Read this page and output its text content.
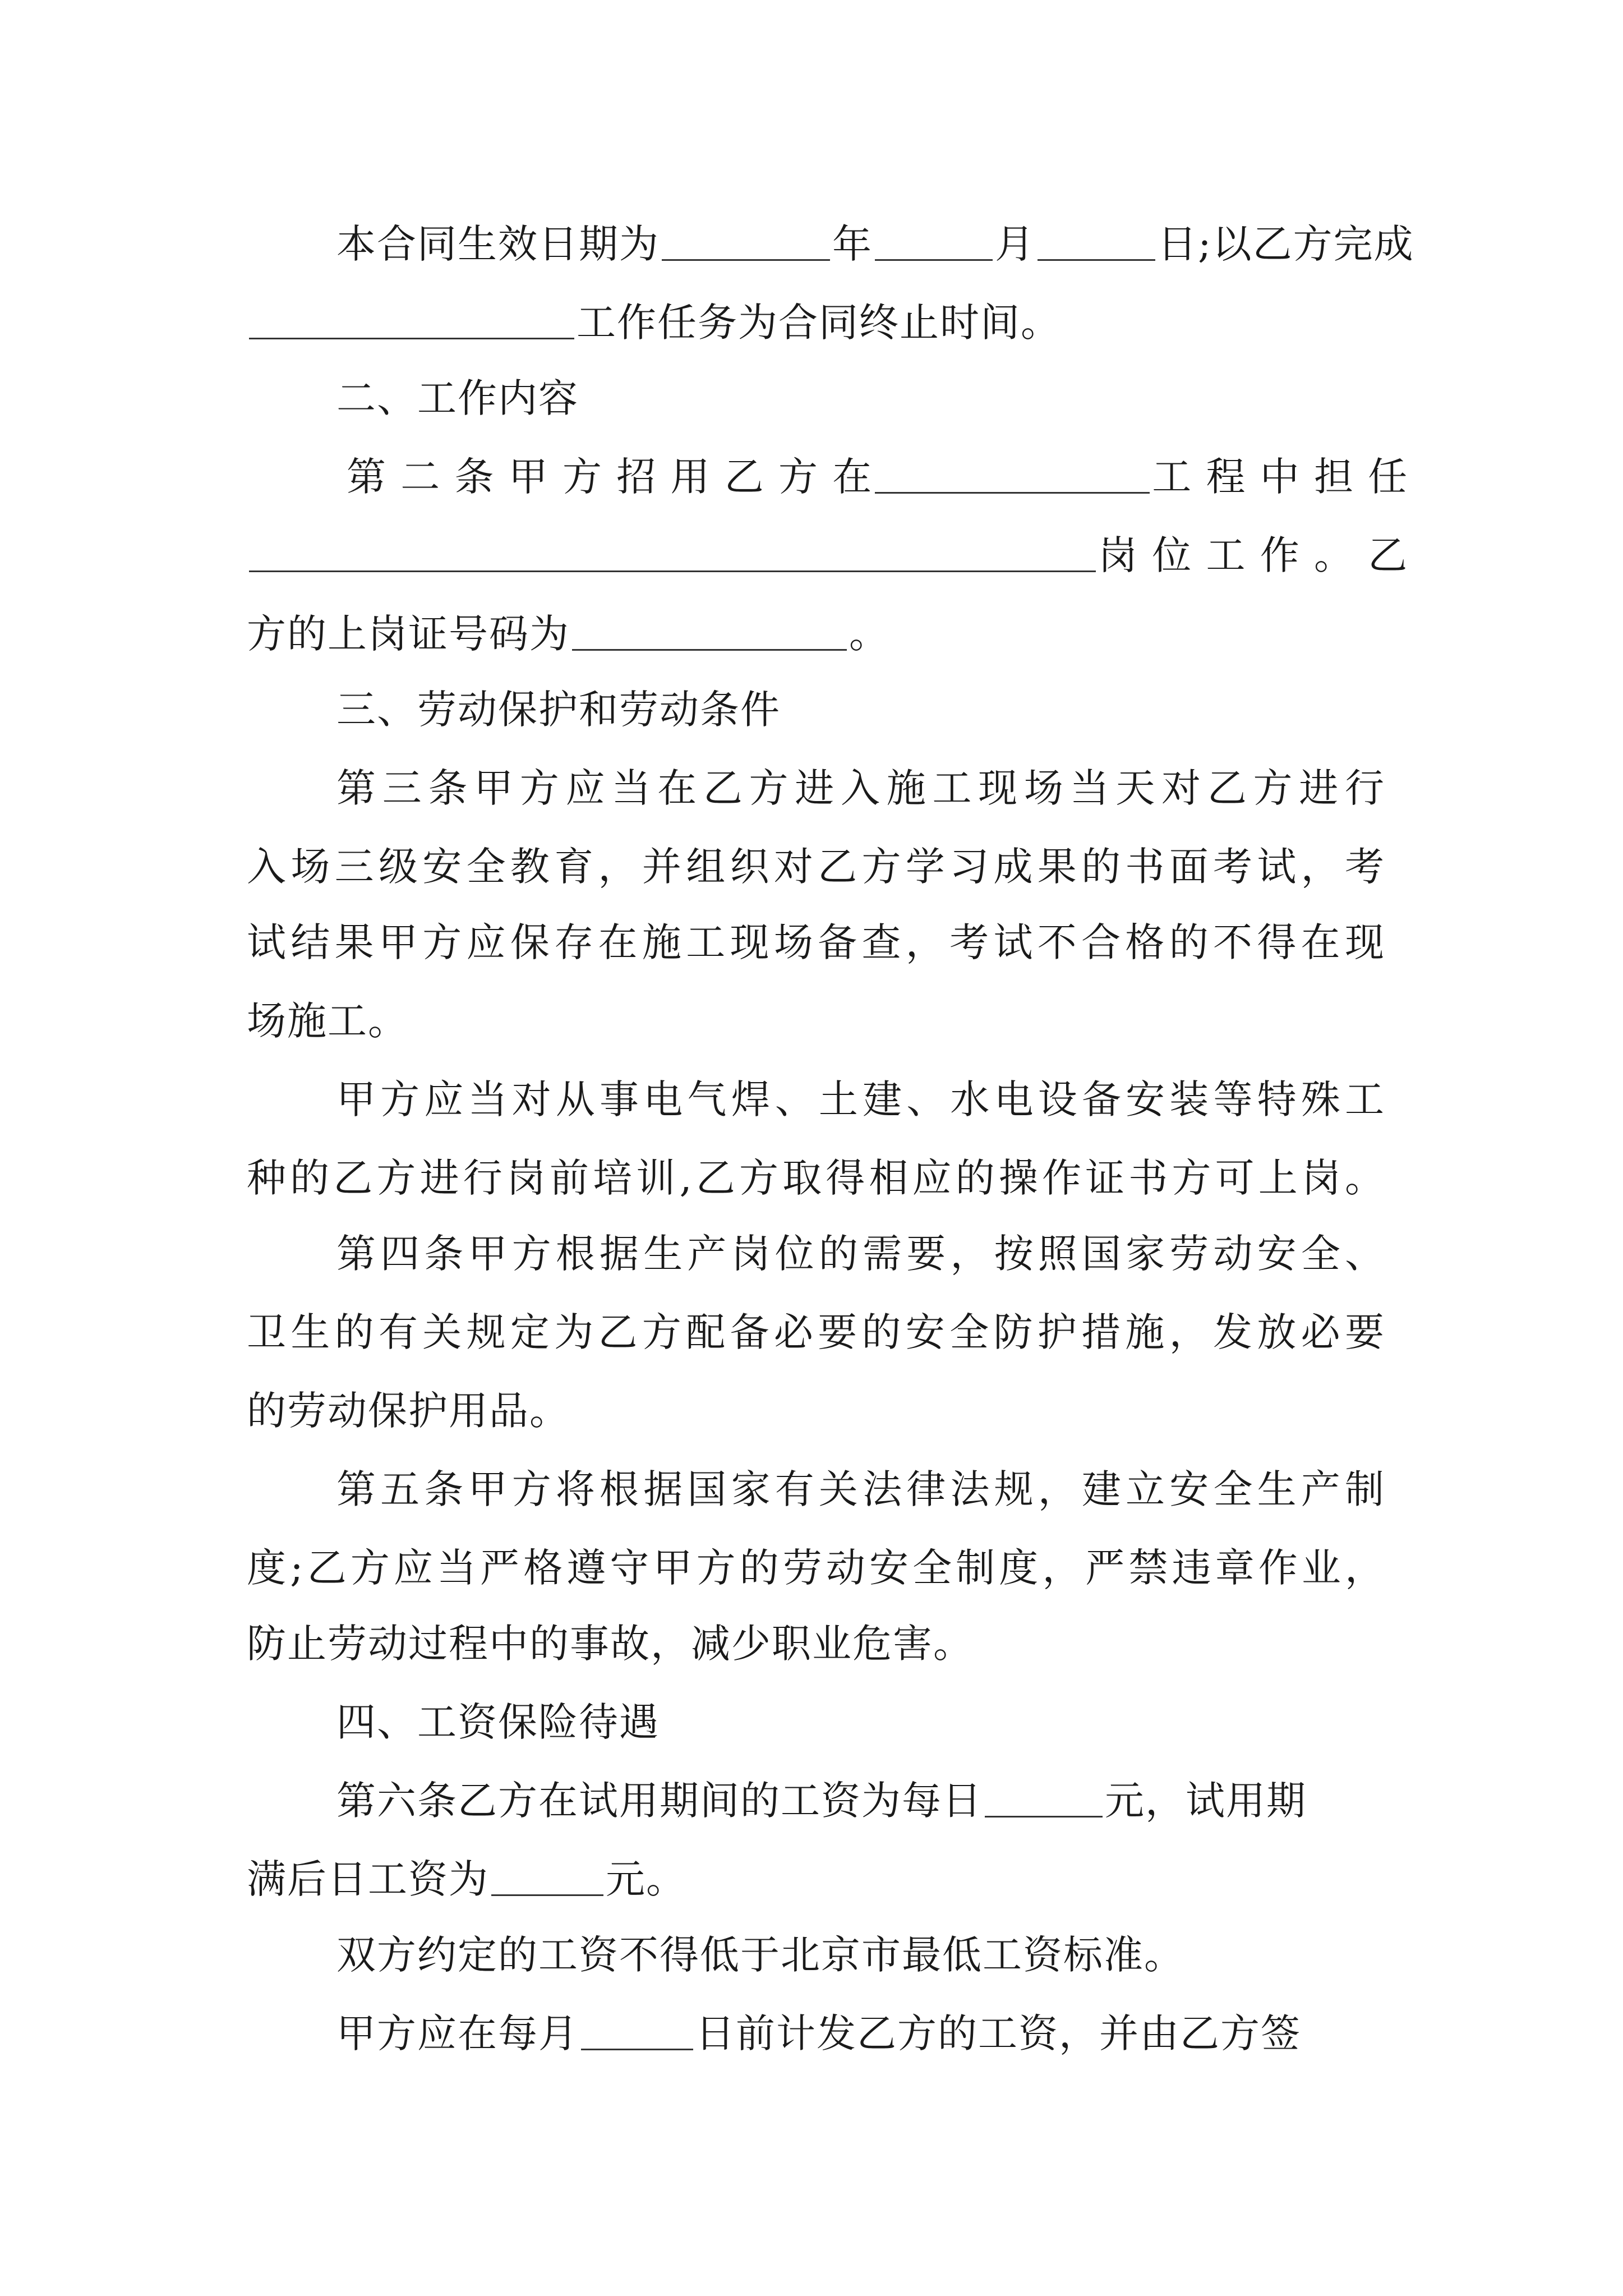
本合同生效日期为	年	月	日;以乙方完成
工作任务为合同终止时间。
二、工作内容
第 二 条 甲 方 招 用 乙 方 在	工 程 中 担 任
岗 位 工 作 。 乙
方的上岗证号码为	。
三、劳动保护和劳动条件
第三条甲方应当在乙方进入施工现场当天对乙方进行
入场三级安全教育，并组织对乙方学习成果的书面考试，考
试结果甲方应保存在施工现场备查，考试不合格的不得在现
场施工。
甲方应当对从事电气焊、土建、水电设备安装等特殊工
种的乙方进行岗前培训,乙方取得相应的操作证书方可上岗。
第四条甲方根据生产岗位的需要，按照国家劳动安全、
卫生的有关规定为乙方配备必要的安全防护措施，发放必要
的劳动保护用品。
第五条甲方将根据国家有关法律法规，建立安全生产制
度;乙方应当严格遵守甲方的劳动安全制度，严禁违章作业，
防止劳动过程中的事故，减少职业危害。
四、工资保险待遇
第六条乙方在试用期间的工资为每日	元，试用期
满后日工资为	元。
双方约定的工资不得低于北京市最低工资标准。
甲方应在每月	日前计发乙方的工资，并由乙方签
